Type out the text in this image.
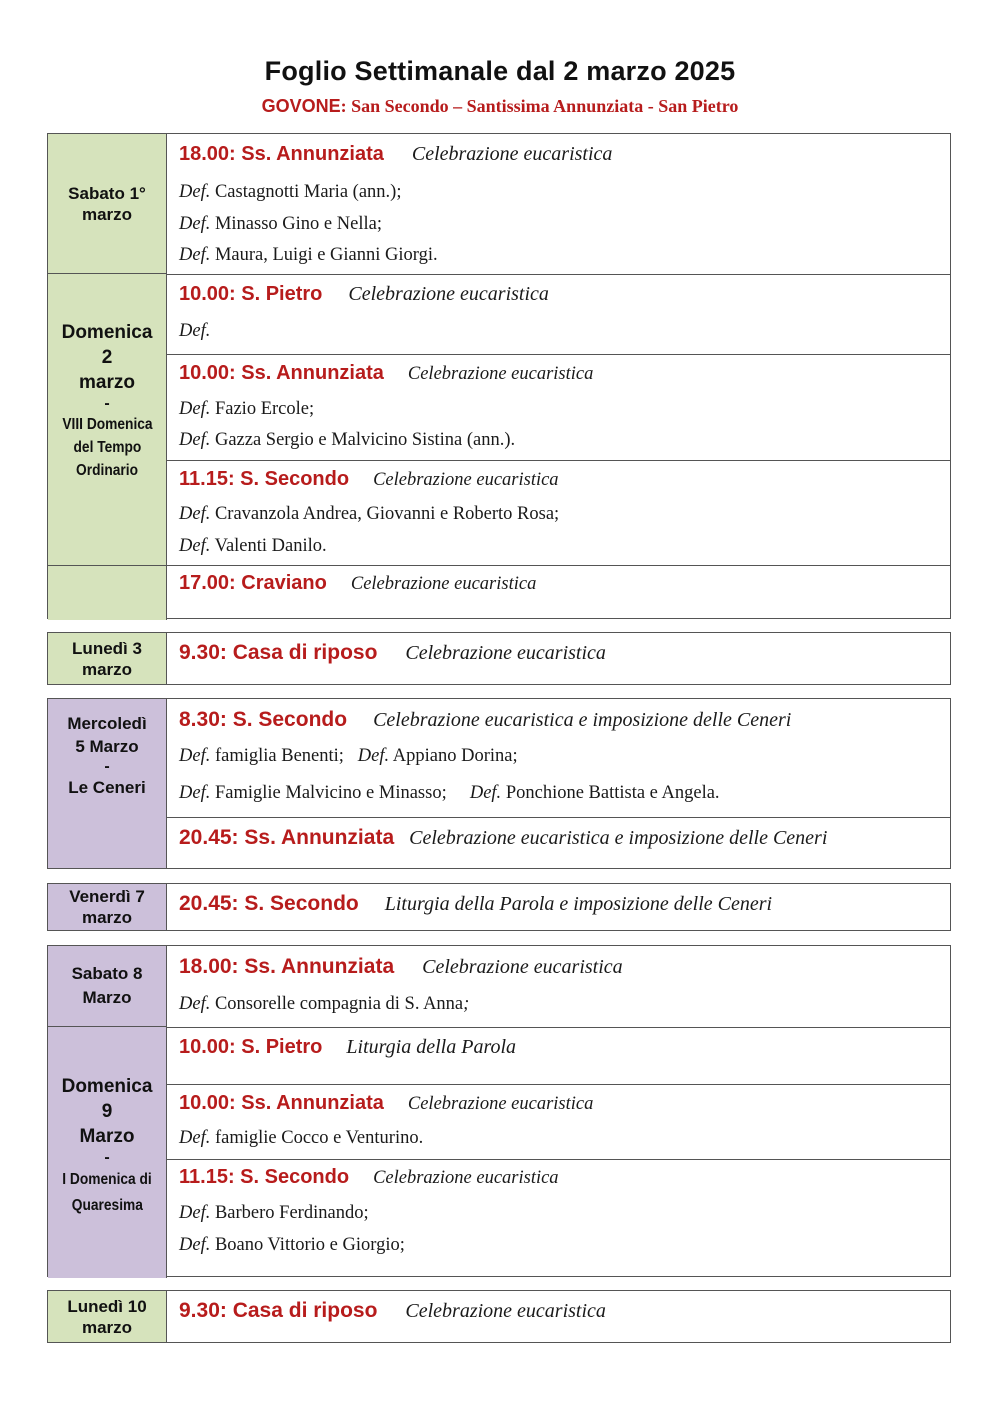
Foglio Settimanale dal 2 marzo 2025
GOVONE: San Secondo – Santissima Annunziata - San Pietro
Sabato 1°
marzo
Domenica
2
marzo
-
VIII Domenica
del Tempo
Ordinario
18.00: Ss. Annunziata Celebrazione eucaristica
Def. Castagnotti Maria (ann.);
Def. Minasso Gino e Nella;
Def. Maura, Luigi e Gianni Giorgi.
10.00: S. Pietro Celebrazione eucaristica
Def.
10.00: Ss. Annunziata Celebrazione eucaristica
Def. Fazio Ercole;
Def. Gazza Sergio e Malvicino Sistina (ann.).
11.15: S. Secondo Celebrazione eucaristica
Def. Cravanzola Andrea, Giovanni e Roberto Rosa;
Def. Valenti Danilo.
17.00: Craviano Celebrazione eucaristica
Lunedì 3
marzo
9.30: Casa di riposo Celebrazione eucaristica
Mercoledì
5 Marzo
-
Le Ceneri
8.30: S. Secondo Celebrazione eucaristica e imposizione delle Ceneri
Def. famiglia Benenti; Def. Appiano Dorina;
Def. Famiglie Malvicino e Minasso; Def. Ponchione Battista e Angela.
20.45: Ss. Annunziata Celebrazione eucaristica e imposizione delle Ceneri
Venerdì 7
marzo
20.45: S. Secondo Liturgia della Parola e imposizione delle Ceneri
Sabato 8
Marzo
Domenica
9
Marzo
-
I Domenica di
Quaresima
18.00: Ss. Annunziata Celebrazione eucaristica
Def. Consorelle compagnia di S. Anna;
10.00: S. Pietro Liturgia della Parola
10.00: Ss. Annunziata Celebrazione eucaristica
Def. famiglie Cocco e Venturino.
11.15: S. Secondo Celebrazione eucaristica
Def. Barbero Ferdinando;
Def. Boano Vittorio e Giorgio;
Lunedì 10
marzo
9.30: Casa di riposo Celebrazione eucaristica
